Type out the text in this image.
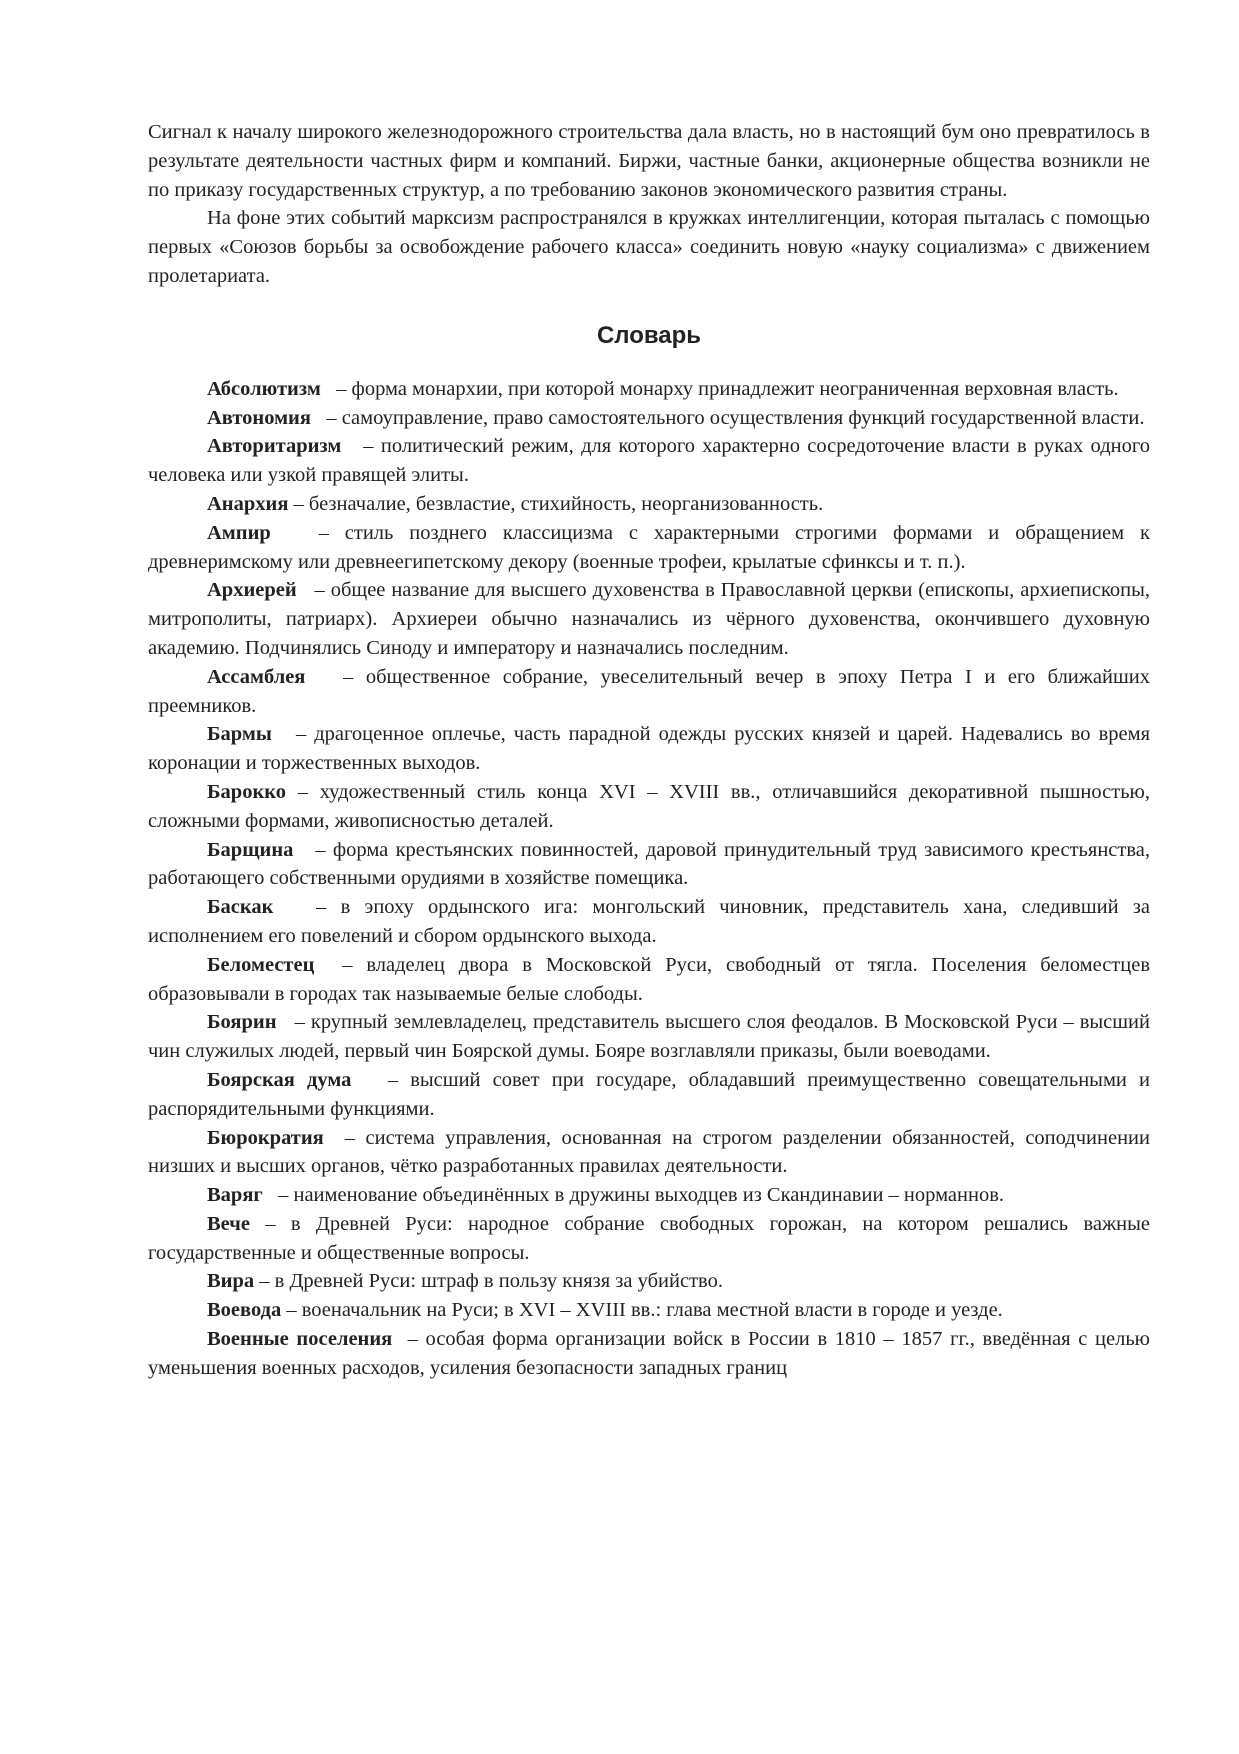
Сигнал к началу широкого железнодорожного строительства дала власть, но в настоящий бум оно превратилось в результате деятельности частных фирм и компаний. Биржи, частные банки, акционерные общества возникли не по приказу государственных структур, а по требованию законов экономического развития страны.

На фоне этих событий марксизм распространялся в кружках интеллигенции, которая пыталась с помощью первых «Союзов борьбы за освобождение рабочего класса» соединить новую «науку социализма» с движением пролетариата.

Словарь

Абсолютизм – форма монархии, при которой монарху принадлежит неограниченная верховная власть.

Автономия – самоуправление, право самостоятельного осуществления функций государственной власти.

Авторитаризм – политический режим, для которого характерно сосредоточение власти в руках одного человека или узкой правящей элиты.

Анархия – безначалие, безвластие, стихийность, неорганизованность.

Ампир – стиль позднего классицизма с характерными строгими формами и обращением к древнеримскому или древнеегипетскому декору (военные трофеи, крылатые сфинксы и т. п.).

Архиерей – общее название для высшего духовенства в Православной церкви (епископы, архиепископы, митрополиты, патриарх). Архиереи обычно назначались из чёрного духовенства, окончившего духовную академию. Подчинялись Синоду и императору и назначались последним.

Ассамблея – общественное собрание, увеселительный вечер в эпоху Петра I и его ближайших преемников.

Бармы – драгоценное оплечье, часть парадной одежды русских князей и царей. Надевались во время коронации и торжественных выходов.

Барокко – художественный стиль конца XVI – XVIII вв., отличавшийся декоративной пышностью, сложными формами, живописностью деталей.

Барщина – форма крестьянских повинностей, даровой принудительный труд зависимого крестьянства, работающего собственными орудиями в хозяйстве помещика.

Баскак – в эпоху ордынского ига: монгольский чиновник, представитель хана, следивший за исполнением его повелений и сбором ордынского выхода.

Беломестец – владелец двора в Московской Руси, свободный от тягла. Поселения беломестцев образовывали в городах так называемые белые слободы.

Боярин – крупный землевладелец, представитель высшего слоя феодалов. В Московской Руси – высший чин служилых людей, первый чин Боярской думы. Бояре возглавляли приказы, были воеводами.

Боярская дума – высший совет при государе, обладавший преимущественно совещательными и распорядительными функциями.

Бюрократия – система управления, основанная на строгом разделении обязанностей, соподчинении низших и высших органов, чётко разработанных правилах деятельности.

Варяг – наименование объединённых в дружины выходцев из Скандинавии – норманнов.

Вече – в Древней Руси: народное собрание свободных горожан, на котором решались важные государственные и общественные вопросы.

Вира – в Древней Руси: штраф в пользу князя за убийство.

Воевода – военачальник на Руси; в XVI – XVIII вв.: глава местной власти в городе и уезде.

Военные поселения – особая форма организации войск в России в 1810 – 1857 гг., введённая с целью уменьшения военных расходов, усиления безопасности западных границ
